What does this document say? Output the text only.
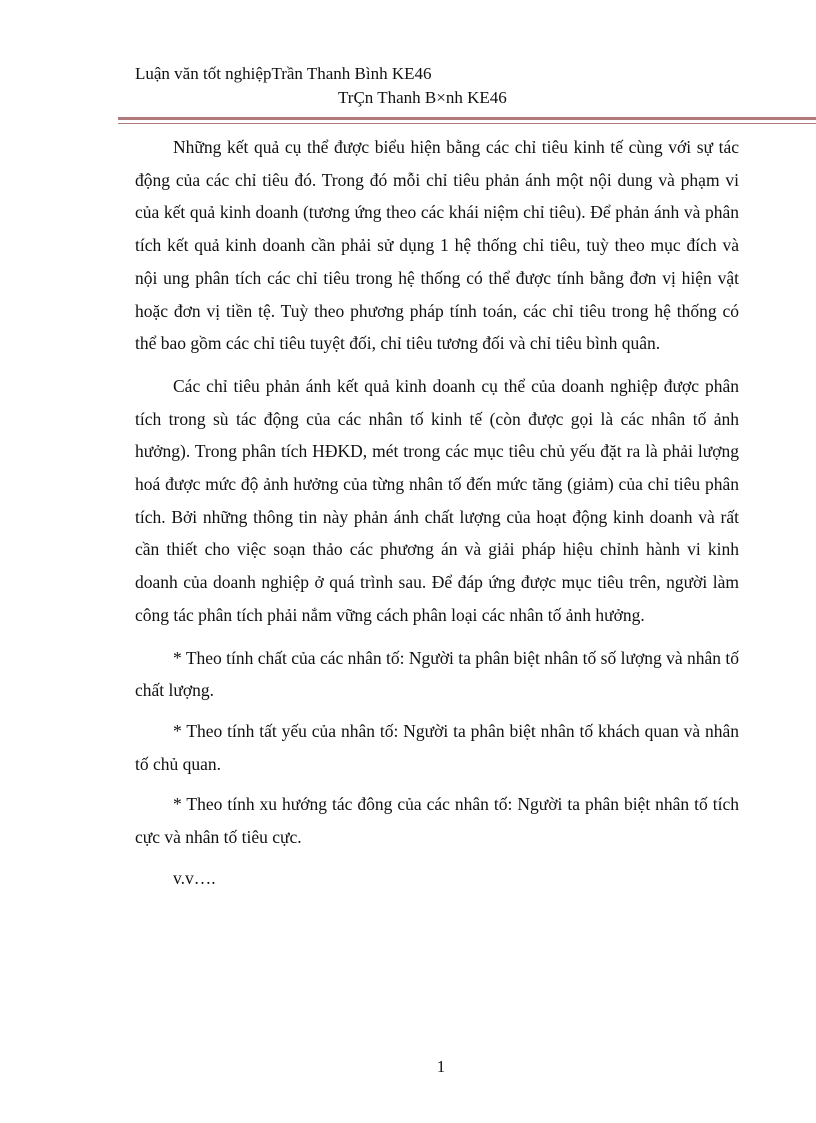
Luận văn tốt nghiệpTrần Thanh Bình KE46
TrÇn Thanh B×nh KE46

Những kết quả cụ thể được biểu hiện bằng các chỉ tiêu kinh tế cùng với sự tác động của các chỉ tiêu đó. Trong đó mỗi chỉ tiêu phản ánh một nội dung và phạm vi của kết quả kinh doanh (tương ứng theo các khái niệm chỉ tiêu). Để phản ánh và phân tích kết quả kinh doanh cần phải sử dụng 1 hệ thống chỉ tiêu, tuỳ theo mục đích và nội ung phân tích các chỉ tiêu trong hệ thống có thể được tính bằng đơn vị hiện vật hoặc đơn vị tiền tệ. Tuỳ theo phương pháp tính toán, các chỉ tiêu trong hệ thống có thể bao gồm các chỉ tiêu tuyệt đối, chỉ tiêu tương đối và chỉ tiêu bình quân.

Các chỉ tiêu phản ánh kết quả kinh doanh cụ thể của doanh nghiệp được phân tích trong sù tác động của các nhân tố kinh tế (còn được gọi là các nhân tố ảnh hưởng). Trong phân tích HĐKD, mét trong các mục tiêu chủ yếu đặt ra là phải lượng hoá được mức độ ảnh hưởng của từng nhân tố đến mức tăng (giảm) của chỉ tiêu phân tích. Bởi những thông tin này phản ánh chất lượng của hoạt động kinh doanh và rất cần thiết cho việc soạn thảo các phương án và giải pháp hiệu chỉnh hành vi kinh doanh của doanh nghiệp ở quá trình sau. Để đáp ứng được mục tiêu trên, người làm công tác phân tích phải nắm vững cách phân loại các nhân tố ảnh hưởng.

* Theo tính chất của các nhân tố: Người ta phân biệt nhân tố số lượng và nhân tố chất lượng.

* Theo tính tất yếu của nhân tố: Người ta phân biệt nhân tố khách quan và nhân tố chủ quan.

* Theo tính xu hướng tác đông của các nhân tố: Người ta phân biệt nhân tố tích cực và nhân tố tiêu cực.

v.v….

1
